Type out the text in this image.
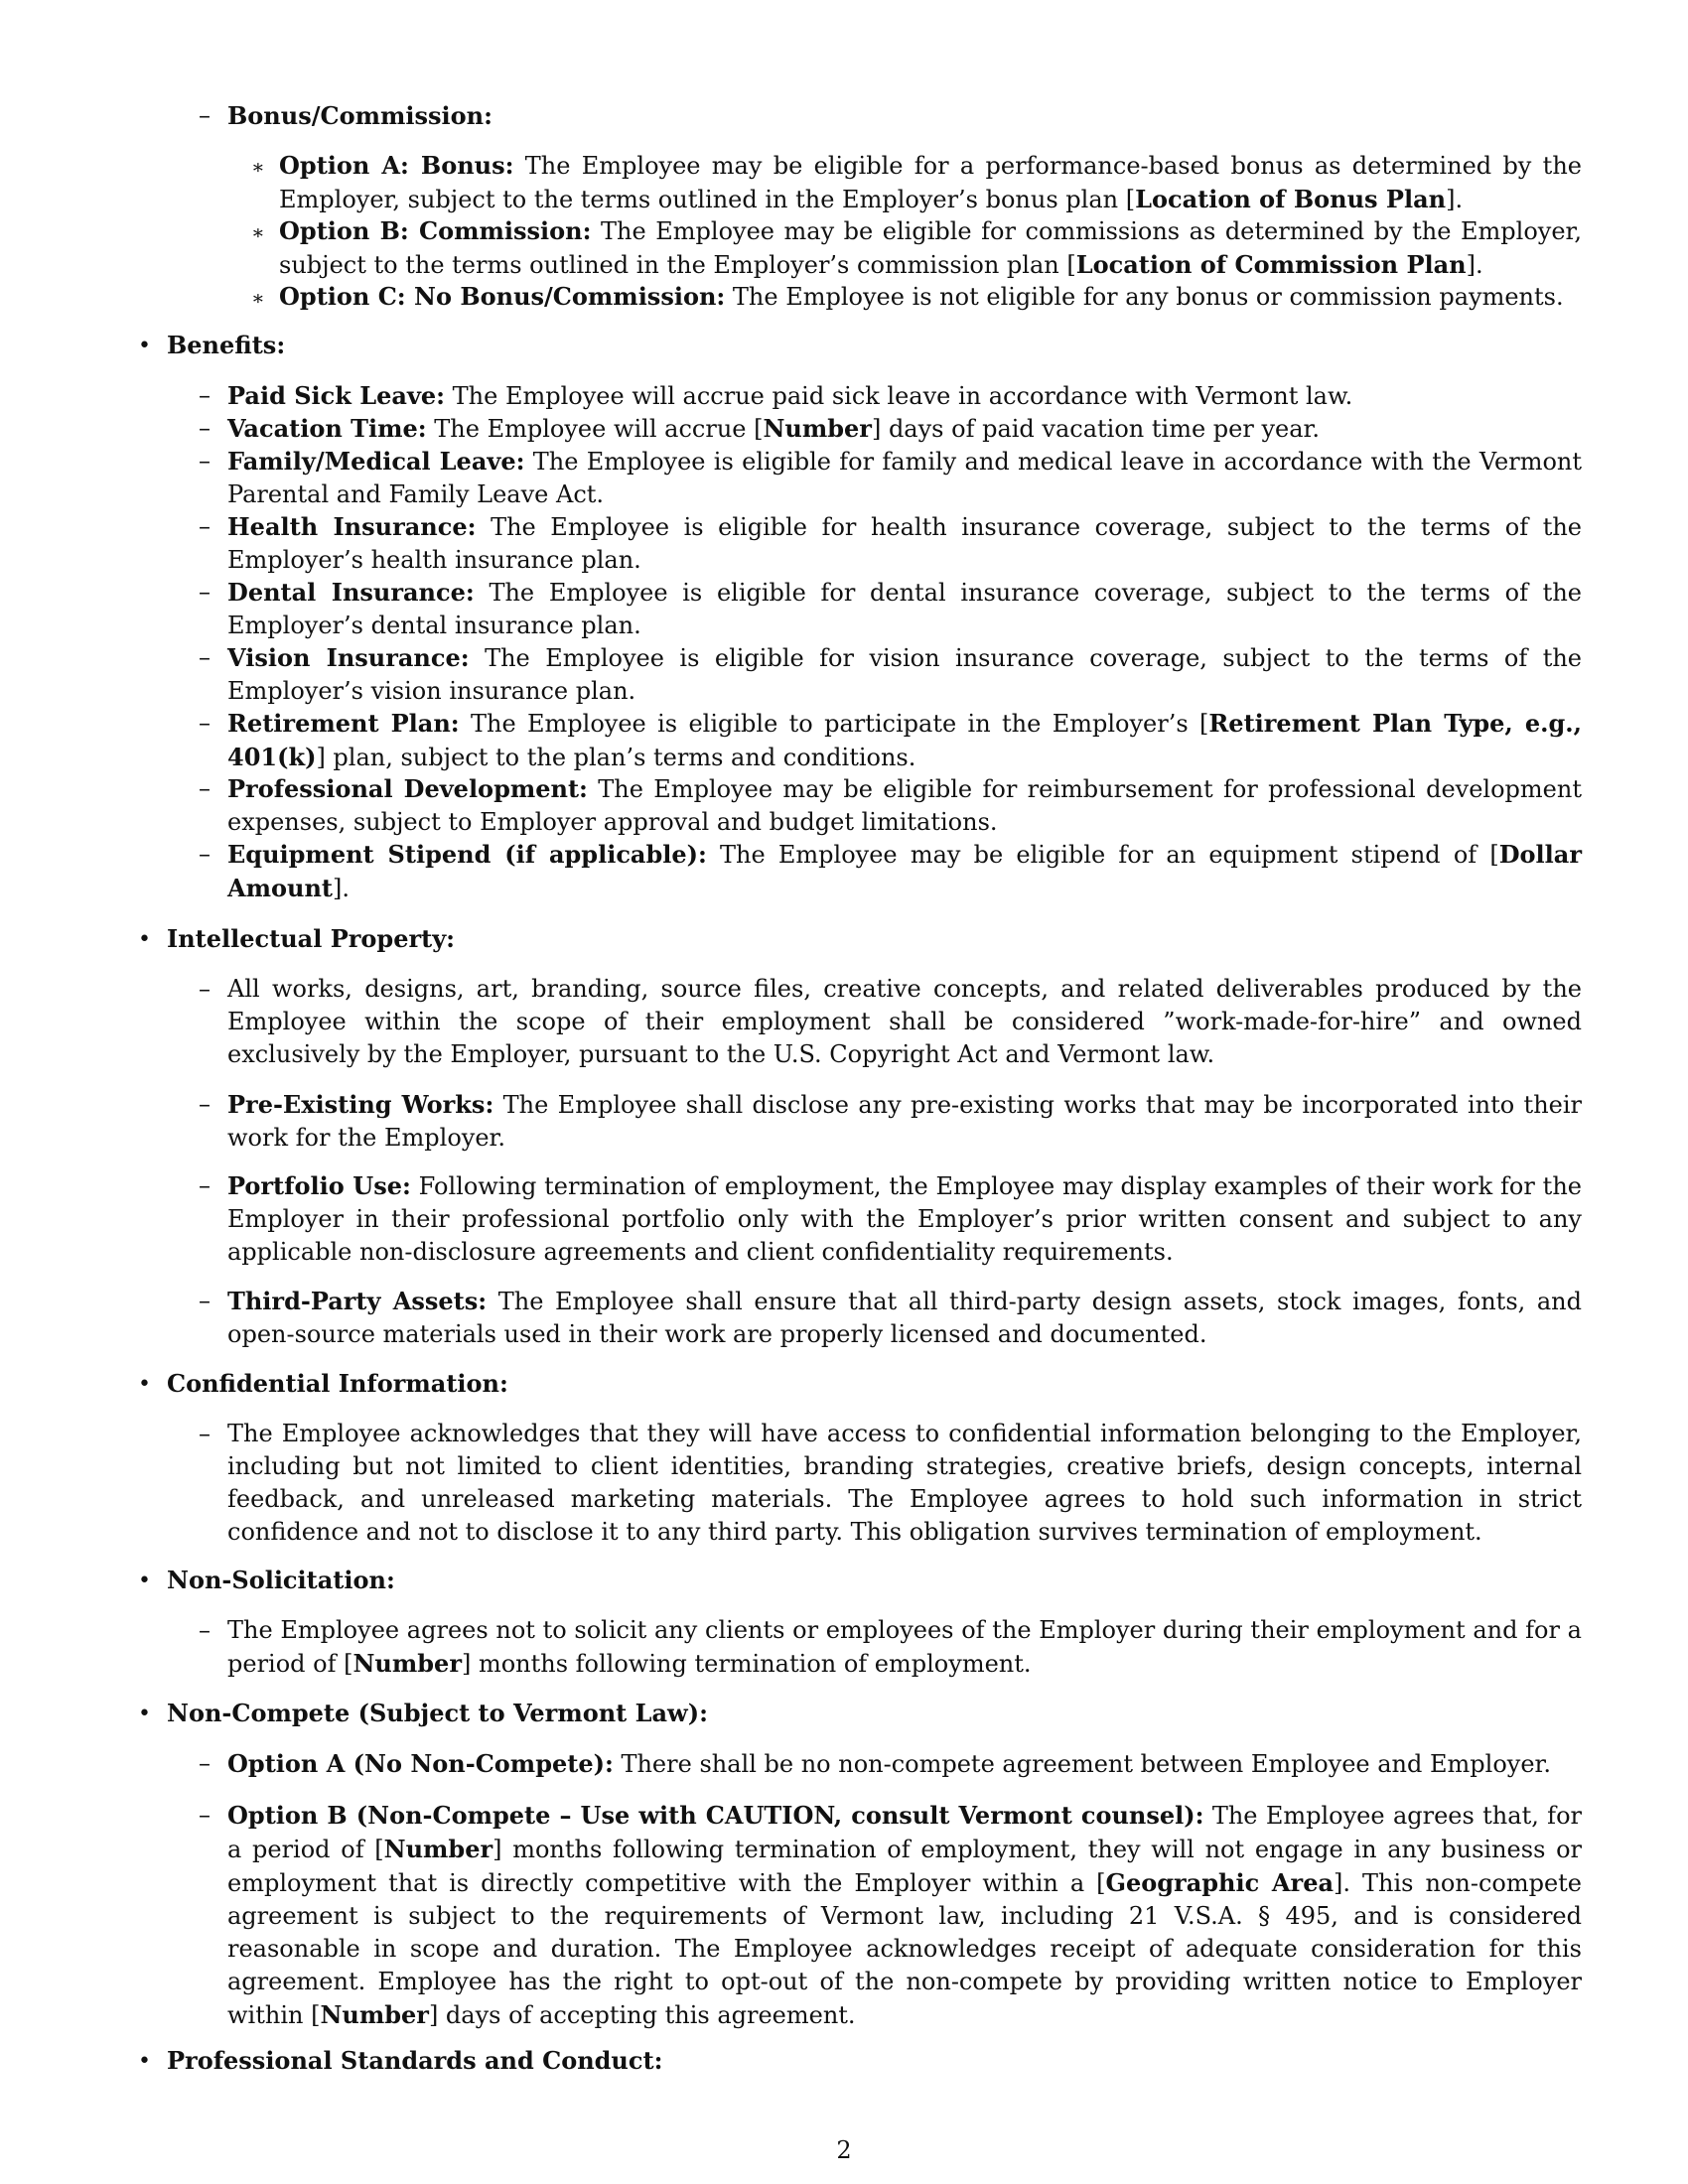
– Bonus/Commission:
∗ Option A: Bonus: The Employee may be eligible for a performance-based bonus as determined by the Employer, subject to the terms outlined in the Employer’s bonus plan [Location of Bonus Plan].
∗ Option B: Commission: The Employee may be eligible for commissions as determined by the Employer, subject to the terms outlined in the Employer’s commission plan [Location of Commission Plan].
∗ Option C: No Bonus/Commission: The Employee is not eligible for any bonus or commission payments.
• Benefits:
– Paid Sick Leave: The Employee will accrue paid sick leave in accordance with Vermont law.
– Vacation Time: The Employee will accrue [Number] days of paid vacation time per year.
– Family/Medical Leave: The Employee is eligible for family and medical leave in accordance with the Vermont Parental and Family Leave Act.
– Health Insurance: The Employee is eligible for health insurance coverage, subject to the terms of the Employer’s health insurance plan.
– Dental Insurance: The Employee is eligible for dental insurance coverage, subject to the terms of the Employer’s dental insurance plan.
– Vision Insurance: The Employee is eligible for vision insurance coverage, subject to the terms of the Employer’s vision insurance plan.
– Retirement Plan: The Employee is eligible to participate in the Employer’s [Retirement Plan Type, e.g., 401(k)] plan, subject to the plan’s terms and conditions.
– Professional Development: The Employee may be eligible for reimbursement for professional development expenses, subject to Employer approval and budget limitations.
– Equipment Stipend (if applicable): The Employee may be eligible for an equipment stipend of [Dollar Amount].
• Intellectual Property:
– All works, designs, art, branding, source files, creative concepts, and related deliverables produced by the Employee within the scope of their employment shall be considered ”work-made-for-hire” and owned exclusively by the Employer, pursuant to the U.S. Copyright Act and Vermont law.
– Pre-Existing Works: The Employee shall disclose any pre-existing works that may be incorporated into their work for the Employer.
– Portfolio Use: Following termination of employment, the Employee may display examples of their work for the Employer in their professional portfolio only with the Employer’s prior written consent and subject to any applicable non-disclosure agreements and client confidentiality requirements.
– Third-Party Assets: The Employee shall ensure that all third-party design assets, stock images, fonts, and open-source materials used in their work are properly licensed and documented.
• Confidential Information:
– The Employee acknowledges that they will have access to confidential information belonging to the Employer, including but not limited to client identities, branding strategies, creative briefs, design concepts, internal feedback, and unreleased marketing materials. The Employee agrees to hold such information in strict confidence and not to disclose it to any third party. This obligation survives termination of employment.
• Non-Solicitation:
– The Employee agrees not to solicit any clients or employees of the Employer during their employment and for a period of [Number] months following termination of employment.
• Non-Compete (Subject to Vermont Law):
– Option A (No Non-Compete): There shall be no non-compete agreement between Employee and Employer.
– Option B (Non-Compete – Use with CAUTION, consult Vermont counsel): The Employee agrees that, for a period of [Number] months following termination of employment, they will not engage in any business or employment that is directly competitive with the Employer within a [Geographic Area]. This non-compete agreement is subject to the requirements of Vermont law, including 21 V.S.A. § 495, and is considered reasonable in scope and duration. The Employee acknowledges receipt of adequate consideration for this agreement. Employee has the right to opt-out of the non-compete by providing written notice to Employer within [Number] days of accepting this agreement.
• Professional Standards and Conduct:
2
